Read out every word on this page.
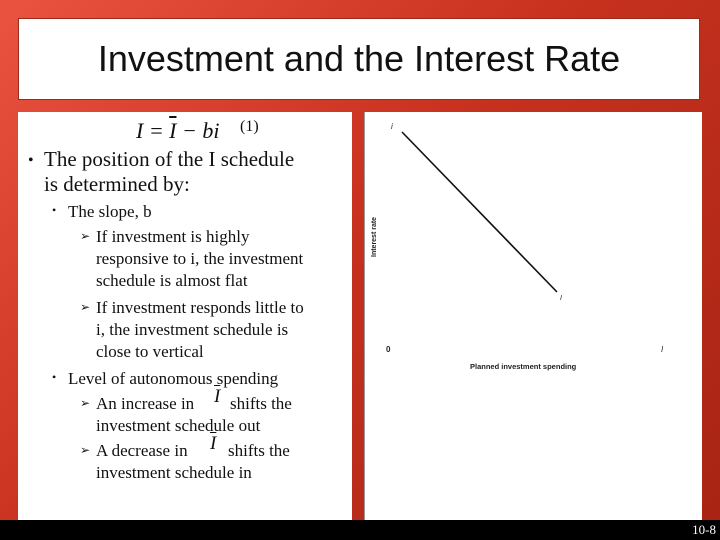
Investment and the Interest Rate
$I = \overline{I}$ − bi (1)
• The position of the I schedule
is determined by:
• The slope, b
➢ If investment is highly
responsive to i, the investment
schedule is almost flat
➢ If investment responds little to
i, the investment schedule is
close to vertical
• Level of autonomous spending
➢ An increase in $\overline{I}$ shifts the
investment schedule out
➢ A decrease in $\overline{I}$ shifts the
investment schedule in
i
Interest rate
I
0	I
Planned investment spending
10-8
